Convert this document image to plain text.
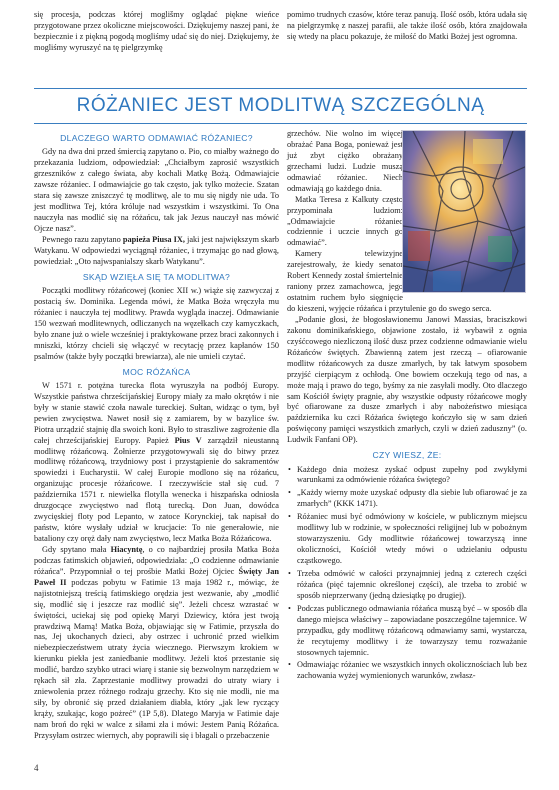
się procesja, podczas której moglišmy oglądać piękne wieńce przygotowane przez okoliczne miejscowości. Dziękujemy naszej pani, że bezpiecznie i z piękną pogodą mogliśmy udać się do niej. Dziękujemy, że mogliśmy wyruszyć na tę pielgrzymkę

pomimo trudnych czasów, które teraz panują. Ilość osób, która udała się na pielgrzymkę z naszej parafii, ale także ilość osób, która znajdowała się wtedy na placu pokazuje, że miłość do Matki Bożej jest ogromna.

RÓŻANIEC JEST MODLITWĄ SZCZEGÓLNĄ
DLACZEGO WARTO ODMAWIAĆ RÓŻANIEC?

Gdy na dwa dni przed śmiercią zapytano o. Pio, co miałby ważnego do przekazania ludziom, odpowiedział: „Chciałbym zaprosić wszystkich grzeszników z całego świata, aby kochali Matkę Bożą. Odmawiajcie zawsze różaniec. I odmawiajcie go tak często, jak tylko możecie. Szatan stara się zawsze zniszczyć tę modlitwę, ale to mu się nigdy nie uda. To jest modlitwa Tej, która króluje nad wszystkim i wszystkimi. To Ona nauczyła nas modlić się na różańcu, tak jak Jezus nauczył nas mówić Ojcze nasz”.

Pewnego razu zapytano papieża Piusa IX, jaki jest największym skarb Watykanu. W odpowiedzi wyciągnął różaniec, i trzymając go nad głową, powiedział: „Oto najwspanialszy skarb Watykanu”.

SKĄD WZIĘŁA SIĘ TA MODLITWA?

Początki modlitwy różańcowej (koniec XII w.) wiąże się zazwyczaj z postacią św. Dominika. Legenda mówi, że Matka Boża wręczyła mu różaniec i nauczyła tej modlitwy. Prawda wygląda inaczej. Odmawianie 150 wezwań modlitewnych, odliczanych na węzełkach czy kamyczkach, było znane już o wiele wcześniej i praktykowane przez braci zakonnych i mniszki, którzy chcieli się włączyć w recytację przez kapłanów 150 psalmów (także były początki brewiarza), ale nie umieli czytać.

MOC RÓŻAŃCA

W 1571 r. potężna turecka flota wyruszyła na podbój Europy. Wszystkie państwa chrześcijańskiej Europy miały za mało okrętów i nie były w stanie stawić czoła nawale tureckiej. Sułtan, widząc o tym, był pewien zwycięstwa. Nawet nosił się z zamiarem, by w bazylice św. Piotra urządzić stajnię dla swoich koni. Było to straszliwe zagrożenie dla całej chrześcijańskiej Europy. Papież Pius V zarządził nieustanną modlitwę różańcową. Żołnierze przygotowywali się do bitwy przez modlitwę różańcową, trzydniowy post i przystąpienie do sakramentów spowiedzi i Eucharystii. W całej Europie modlono się na różańcu, organizując procesje różańcowe. I rzeczywiście stał się cud. 7 października 1571 r. niewielka flotylla wenecka i hiszpańska odniosła druzgocące zwycięstwo nad flotą turecką. Don Juan, dowódca zwycięskiej floty pod Lepanto, w zatoce Korynckiej, tak napisał do państw, które wysłały udział w krucjacie: To nie generałowie, nie bataliony czy oręż dały nam zwycięstwo, lecz Matka Boża Różańcowa.

Gdy spytano mała Hiacyntę, o co najbardziej prosiła Matka Boża podczas fatimskich objawień, odpowiedziała: „O codzienne odmawianie różańca”. Przypomniał o tej prośbie Matki Bożej Ojciec Święty Jan Paweł II podczas pobytu w Fatimie 13 maja 1982 r., mówiąc, że najistotniejszą treścią fatimskiego orędzia jest wezwanie, aby „modlić się, modlić się i jeszcze raz modlić się”. Jeżeli chcesz wzrastać w świętości, uciekaj się pod opiekę Maryi Dziewicy, która jest twoją prawdziwą Mamą! Matka Boża, objawiając się w Fatimie, przyszła do nas, Jej ukochanych dzieci, aby ostrzec i uchronić przed wielkim niebezpieczeństwem utraty życia wiecznego. Pierwszym krokiem w kierunku piekła jest zaniedbanie modlitwy. Jeżeli ktoś przestanie się modlić, bardzo szybko utraci wiarę i stanie się bezwolnym narzędziem w rękach sił zła. Zaprzestanie modlitwy prowadzi do utraty wiary i zniewolenia przez różnego rodzaju grzechy. Kto się nie modli, nie ma siły, by obronić się przed działaniem diabła, który „jak lew ryczący krąży, szukając, kogo pożreć” (1P 5,8). Dlatego Maryja w Fatimie daje nam broń do ręki w walce z siłami zła i mówi: Jestem Panią Różańca. Przysyłam ostrzec wiernych, aby poprawili się i błagali o przebaczenie

grzechów. Nie wolno im więcej obrażać Pana Boga, ponieważ jest już zbyt ciężko obrażany grzechami ludzi. Ludzie muszą odmawiać różaniec. Niech odmawiają go każdego dnia.

Matka Teresa z Kalkuty często przypominała ludziom: „Odmawiajcie różaniec codziennie i uczcie innych go odmawiać”.

Kamery telewizyjne zarejestrowały, że kiedy senator Robert Kennedy został śmiertelnie raniony przez zamachowca, jego ostatnim ruchem było sięgnięcie do kieszeni, wyjęcie różańca i przytulenie go do swego serca.

„Podanie głosi, że błogosławionemu Janowi Massias, braciszkowi zakonu dominikańskiego, objawione zostało, iż wybawił z ognia czyśćcowego niezliczoną ilość dusz przez codzienne odmawianie wielu Różańców świętych. Zbawienną zatem jest rzeczą – ofiarowanie modlitw różańcowych za dusze zmarłych, by tak łatwym sposobem przyjść cierpiącym z ochłodą. One bowiem oczekują tego od nas, a może mają i prawo do tego, byśmy za nie zasyłali modły. Oto dlaczego sam Kościół święty pragnie, aby wszystkie odpusty różańcowe mogły być ofiarowane za dusze zmarłych i aby nabożeństwo miesiąca października ku czci Różańca świętego kończyło się w sam dzień poświęcony pamięci wszystkich zmarłych, czyli w dzień zaduszny” (o. Ludwik Fanfani OP).

CZY WIESZ, ŻE:
• Każdego dnia możesz zyskać odpust zupełny pod zwykłymi warunkami za odmówienie różańca świętego?
• „Każdy wierny może uzyskać odpusty dla siebie lub ofiarować je za zmarłych” (KKK 1471).
• Różaniec musi być odmówiony w kościele, w publicznym miejscu modlitwy lub w rodzinie, w społeczności religijnej lub w pobożnym stowarzyszeniu. Gdy modlitwie różańcowej towarzyszą inne okoliczności, Kościół wtedy mówi o udzielaniu odpustu cząstkowego.
• Trzeba odmówić w całości przynajmniej jedną z czterech części różańca (pięć tajemnic określonej części), ale trzeba to zrobić w sposób nieprzerwany (jedną dziesiątkę po drugiej).
• Podczas publicznego odmawiania różańca muszą być – w sposób dla danego miejsca właściwy – zapowiadane poszczególne tajemnice. W przypadku, gdy modlitwę różańcową odmawiamy sami, wystarcza, że recytujemy modlitwy i że towarzyszy temu rozważanie stosownych tajemnic.
• Odmawiając różaniec we wszystkich innych okolicznościach lub bez zachowania wyżej wymienionych warunków, zwłasz-
4
